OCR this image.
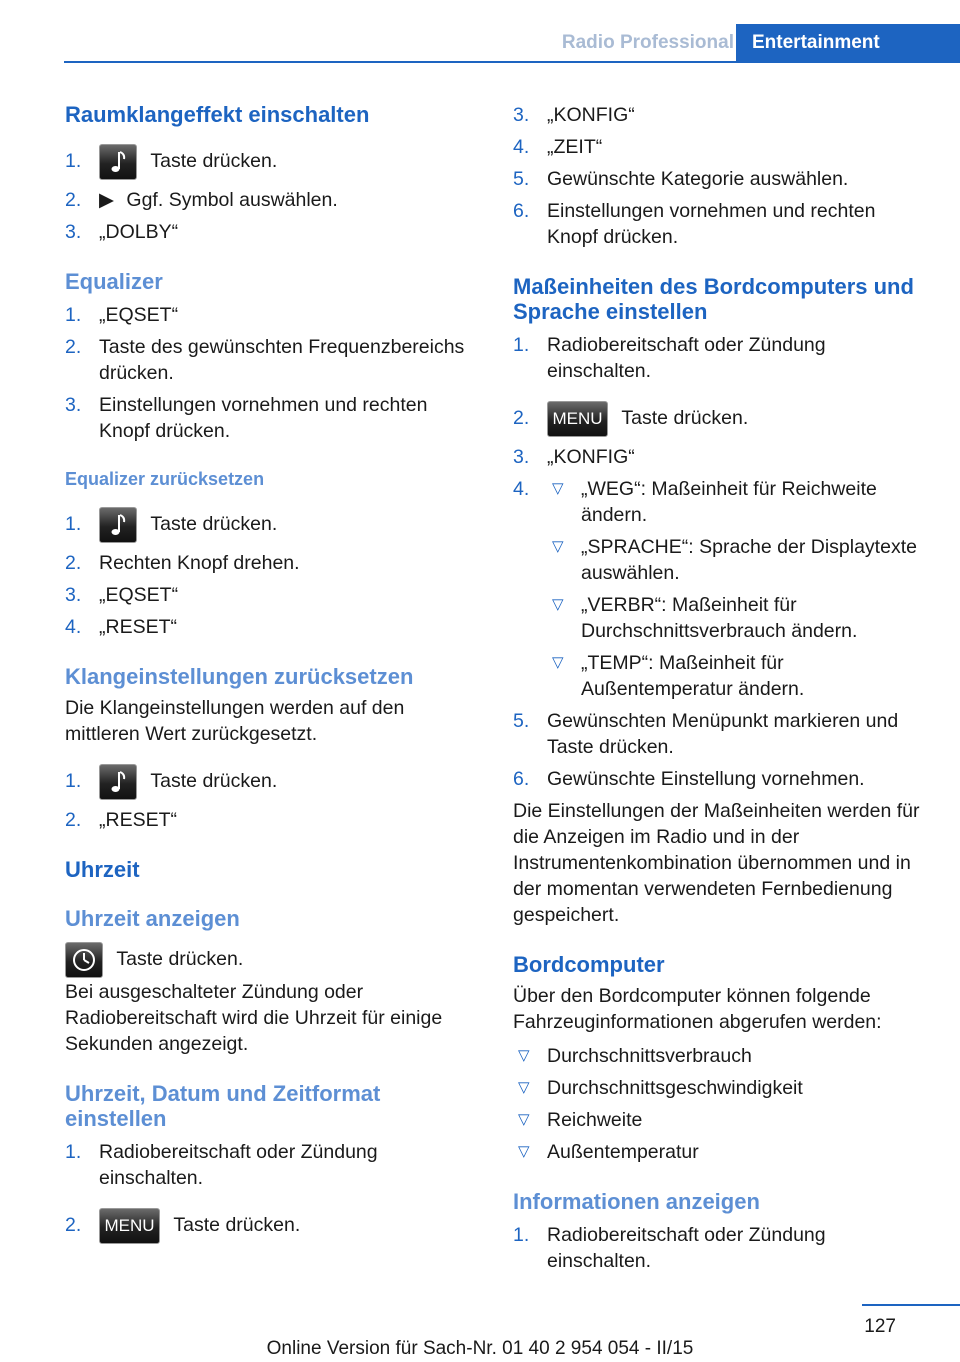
Radio Professional Entertainment
Raumklangeffekt einschalten
1.	Taste drücken.
2. ▶ Ggf. Symbol auswählen.
3. „DOLBY“
Equalizer
1. „EQSET“
2. Taste des gewünschten Frequenzbereichs drücken.
3. Einstellungen vornehmen und rechten Knopf drücken.
Equalizer zurücksetzen
1.	Taste drücken.
2. Rechten Knopf drehen.
3. „EQSET“
4. „RESET“
Klangeinstellungen zurücksetzen
Die Klangeinstellungen werden auf den mittleren Wert zurückgesetzt.
1.	Taste drücken.
2. „RESET“
Uhrzeit
Uhrzeit anzeigen
Taste drücken.
Bei ausgeschalteter Zündung oder Radiobereitschaft wird die Uhrzeit für einige Sekunden angezeigt.
Uhrzeit, Datum und Zeitformat einstellen
1. Radiobereitschaft oder Zündung einschalten.
2. MENU Taste drücken.
3. „KONFIG“
4. „ZEIT“
5. Gewünschte Kategorie auswählen.
6. Einstellungen vornehmen und rechten Knopf drücken.
Maßeinheiten des Bordcomputers und Sprache einstellen
1. Radiobereitschaft oder Zündung einschalten.
2. MENU Taste drücken.
3. „KONFIG“
4. ▽ „WEG“: Maßeinheit für Reichweite ändern.
▽ „SPRACHE“: Sprache der Displaytexte auswählen.
▽ „VERBR“: Maßeinheit für Durchschnittsverbrauch ändern.
▽ „TEMP“: Maßeinheit für Außentemperatur ändern.
5. Gewünschten Menüpunkt markieren und Taste drücken.
6. Gewünschte Einstellung vornehmen.
Die Einstellungen der Maßeinheiten werden für die Anzeigen im Radio und in der Instrumentenkombination übernommen und in der momentan verwendeten Fernbedienung gespeichert.
Bordcomputer
Über den Bordcomputer können folgende Fahrzeuginformationen abgerufen werden:
▽ Durchschnittsverbrauch
▽ Durchschnittsgeschwindigkeit
▽ Reichweite
▽ Außentemperatur
Informationen anzeigen
1. Radiobereitschaft oder Zündung einschalten.
127
Online Version für Sach-Nr. 01 40 2 954 054 - II/15
